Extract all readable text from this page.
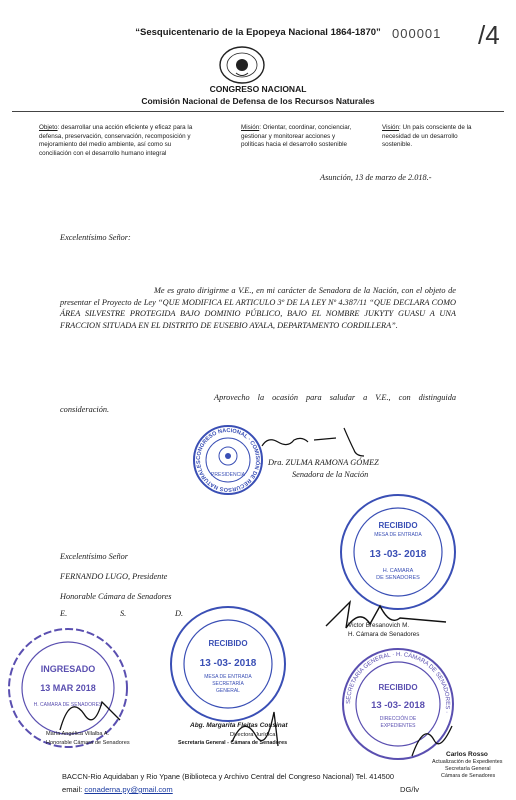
“Sesquicentenario de la Epopeya Nacional 1864-1870” 000001 /4
CONGRESO NACIONAL
Comisión Nacional de Defensa de los Recursos Naturales
Objeto: desarrollar una acción eficiente y eficaz para la defensa, preservación, conservación, recomposición y mejoramiento del medio ambiente, así como su conciliación con el desarrollo humano integral
Misión: Orientar, coordinar, concienciar, gestionar y monitorear acciones y políticas hacia el desarrollo sostenible
Visión: Un país consciente de la necesidad de un desarrollo sostenible.
Asunción, 13 de marzo de 2.018.-
Excelentísimo Señor:
Me es grato dirigirme a V.E., en mi carácter de Senadora de la Nación, con el objeto de presentar el Proyecto de Ley “QUE MODIFICA EL ARTICULO 3º DE LA LEY Nº 4.387/11 “QUE DECLARA COMO ÁREA SILVESTRE PROTEGIDA BAJO DOMINIO PÚBLICO, BAJO EL NOMBRE JUKYTY GUASU A UNA FRACCION SITUADA EN EL DISTRITO DE EUSEBIO AYALA, DEPARTAMENTO CORDILLERA”.
Aprovecho la ocasión para saludar a V.E., con distinguida consideración.
CONGRESO NACIONAL · COMISIÓN DE RECURSOS NATURALES
PRESIDENCIA
Dra. ZULMA RAMONA GÓMEZ
Senadora de la Nación
RECIBIDO
MESA DE ENTRADA
13 -03- 2018
H. CAMARA
DE SENADORES
Excelentísimo Señor
FERNANDO LUGO, Presidente
Honorable Cámara de Senadores
E.	S.	D.
Victor Bresanovich M.
H. Cámara de Senadores
RECIBIDO
13 -03- 2018
MESA DE ENTRADA
SECRETARÍA
GENERAL
INGRESADO
13 MAR 2018
H. CAMARA DE SENADORES
María Angélica Villalba A.
Honorable Cámara de Senadores
Abg. Margarita Fleitas Cousinat
Directora Jurídica
Secretaría General - Cámara de Senadores
SECRETARÍA GENERAL · H. CÁMARA DE SENADORES ·
RECIBIDO
13 -03- 2018
DIRECCIÓN DE
EXPEDIENTES
Carlos Rosso
Actualización de Expedientes
Secretaría General
Cámara de Senadores
BACCN-Rio Aquidaban y Rio Ypane (Biblioteca y Archivo Central del Congreso Nacional) Tel. 414500
email: conaderna.py@gmail.com	DG/lv
